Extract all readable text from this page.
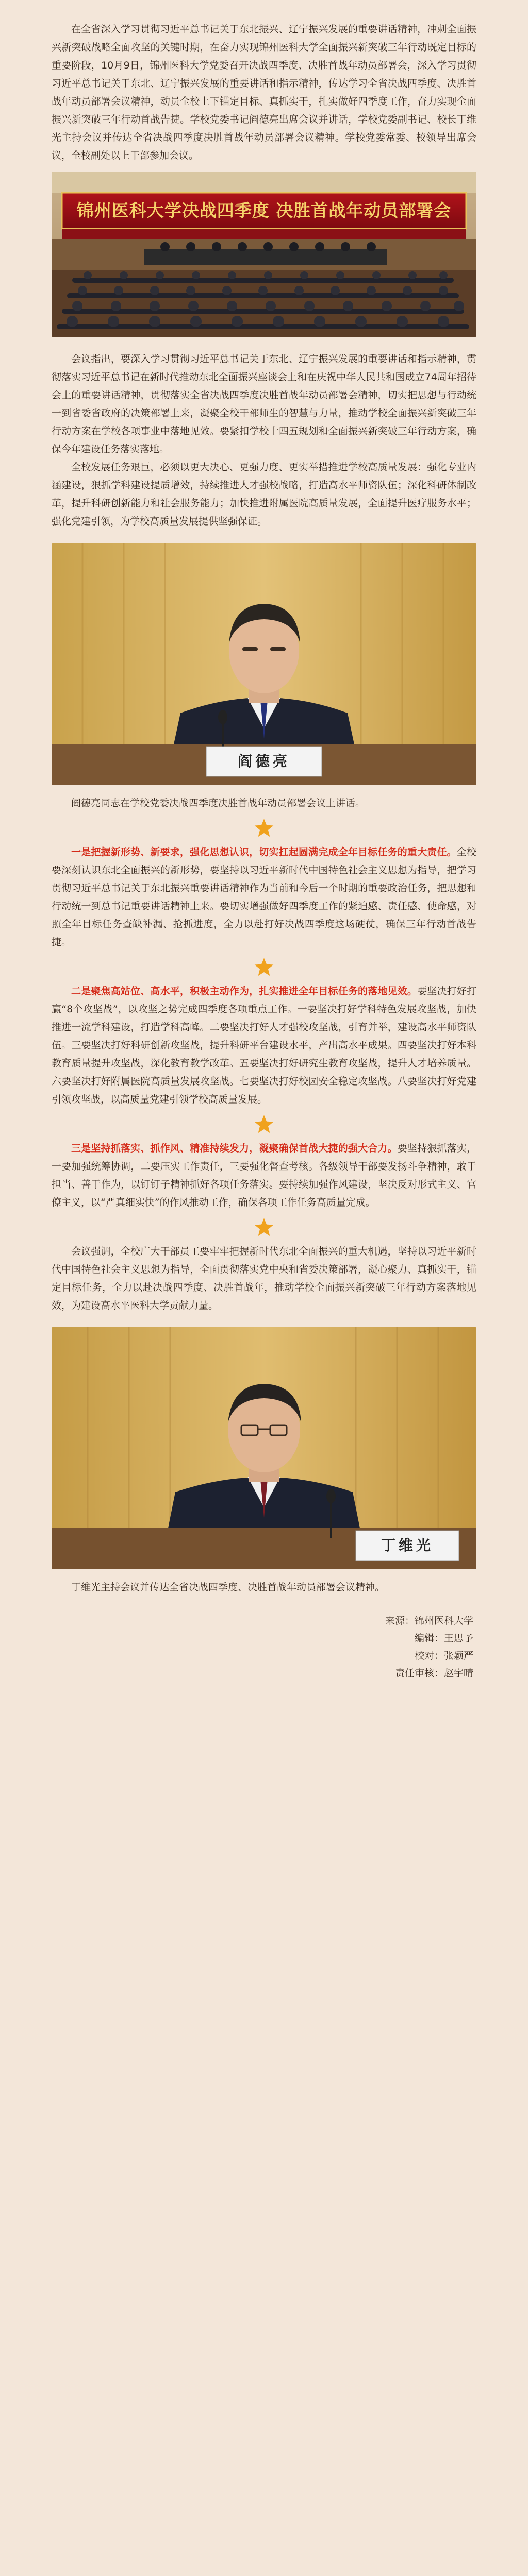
在全省深入学习贯彻习近平总书记关于东北振兴、辽宁振兴发展的重要讲话精神，冲刺全面振兴新突破战略全面攻坚的关键时期，在奋力实现锦州医科大学全面振兴新突破三年行动既定目标的重要阶段，10月9日，锦州医科大学党委召开决战四季度、决胜首战年动员部署会，深入学习贯彻习近平总书记关于东北、辽宁振兴发展的重要讲话和指示精神，传达学习全省决战四季度、决胜首战年动员部署会议精神，动员全校上下锚定目标、真抓实干，扎实做好四季度工作，奋力实现全面振兴新突破三年行动首战告捷。学校党委书记阎德亮出席会议并讲话，学校党委副书记、校长丁维光主持会议并传达全省决战四季度决胜首战年动员部署会议精神。学校党委常委、校领导出席会议，全校副处以上干部参加会议。

锦州医科大学决战四季度 决胜首战年动员部署会

会议指出，要深入学习贯彻习近平总书记关于东北、辽宁振兴发展的重要讲话和指示精神，贯彻落实习近平总书记在新时代推动东北全面振兴座谈会上和在庆祝中华人民共和国成立74周年招待会上的重要讲话精神，贯彻落实全省决战四季度决胜首战年动员部署会精神，切实把思想与行动统一到省委省政府的决策部署上来，凝聚全校干部师生的智慧与力量，推动学校全面振兴新突破三年行动方案在学校各项事业中落地见效。要紧扣学校十四五规划和全面振兴新突破三年行动方案，确保今年建设任务落实落地。

全校发展任务艰巨，必须以更大决心、更强力度、更实举措推进学校高质量发展：强化专业内涵建设，狠抓学科建设提质增效，持续推进人才强校战略，打造高水平师资队伍；深化科研体制改革，提升科研创新能力和社会服务能力；加快推进附属医院高质量发展，全面提升医疗服务水平；强化党建引领，为学校高质量发展提供坚强保证。

阎德亮

阎德亮同志在学校党委决战四季度决胜首战年动员部署会议上讲话。

一是把握新形势、新要求，强化思想认识，切实扛起圆满完成全年目标任务的重大责任。全校要深刻认识东北全面振兴的新形势，要坚持以习近平新时代中国特色社会主义思想为指导，把学习贯彻习近平总书记关于东北振兴重要讲话精神作为当前和今后一个时期的重要政治任务，把思想和行动统一到总书记重要讲话精神上来。要切实增强做好四季度工作的紧迫感、责任感、使命感，对照全年目标任务查缺补漏、抢抓进度，全力以赴打好决战四季度这场硬仗，确保三年行动首战告捷。

二是聚焦高站位、高水平，积极主动作为，扎实推进全年目标任务的落地见效。要坚决打好打赢“8个攻坚战”，以攻坚之势完成四季度各项重点工作。一要坚决打好学科特色发展攻坚战，加快推进一流学科建设，打造学科高峰。二要坚决打好人才强校攻坚战，引育并举，建设高水平师资队伍。三要坚决打好科研创新攻坚战，提升科研平台建设水平，产出高水平成果。四要坚决打好本科教育质量提升攻坚战，深化教育教学改革。五要坚决打好研究生教育攻坚战，提升人才培养质量。六要坚决打好附属医院高质量发展攻坚战。七要坚决打好校园安全稳定攻坚战。八要坚决打好党建引领攻坚战，以高质量党建引领学校高质量发展。

三是坚持抓落实、抓作风、精准持续发力，凝聚确保首战大捷的强大合力。要坚持狠抓落实，一要加强统筹协调，二要压实工作责任，三要强化督查考核。各级领导干部要发扬斗争精神，敢于担当、善于作为，以钉钉子精神抓好各项任务落实。要持续加强作风建设，坚决反对形式主义、官僚主义，以“严真细实快”的作风推动工作，确保各项工作任务高质量完成。

会议强调，全校广大干部员工要牢牢把握新时代东北全面振兴的重大机遇，坚持以习近平新时代中国特色社会主义思想为指导，全面贯彻落实党中央和省委决策部署，凝心聚力、真抓实干，锚定目标任务，全力以赴决战四季度、决胜首战年，推动学校全面振兴新突破三年行动方案落地见效，为建设高水平医科大学贡献力量。

丁维光

丁维光主持会议并传达全省决战四季度、决胜首战年动员部署会议精神。

来源：锦州医科大学
编辑：王思予
校对：张颖严
责任审核：赵宇晴
